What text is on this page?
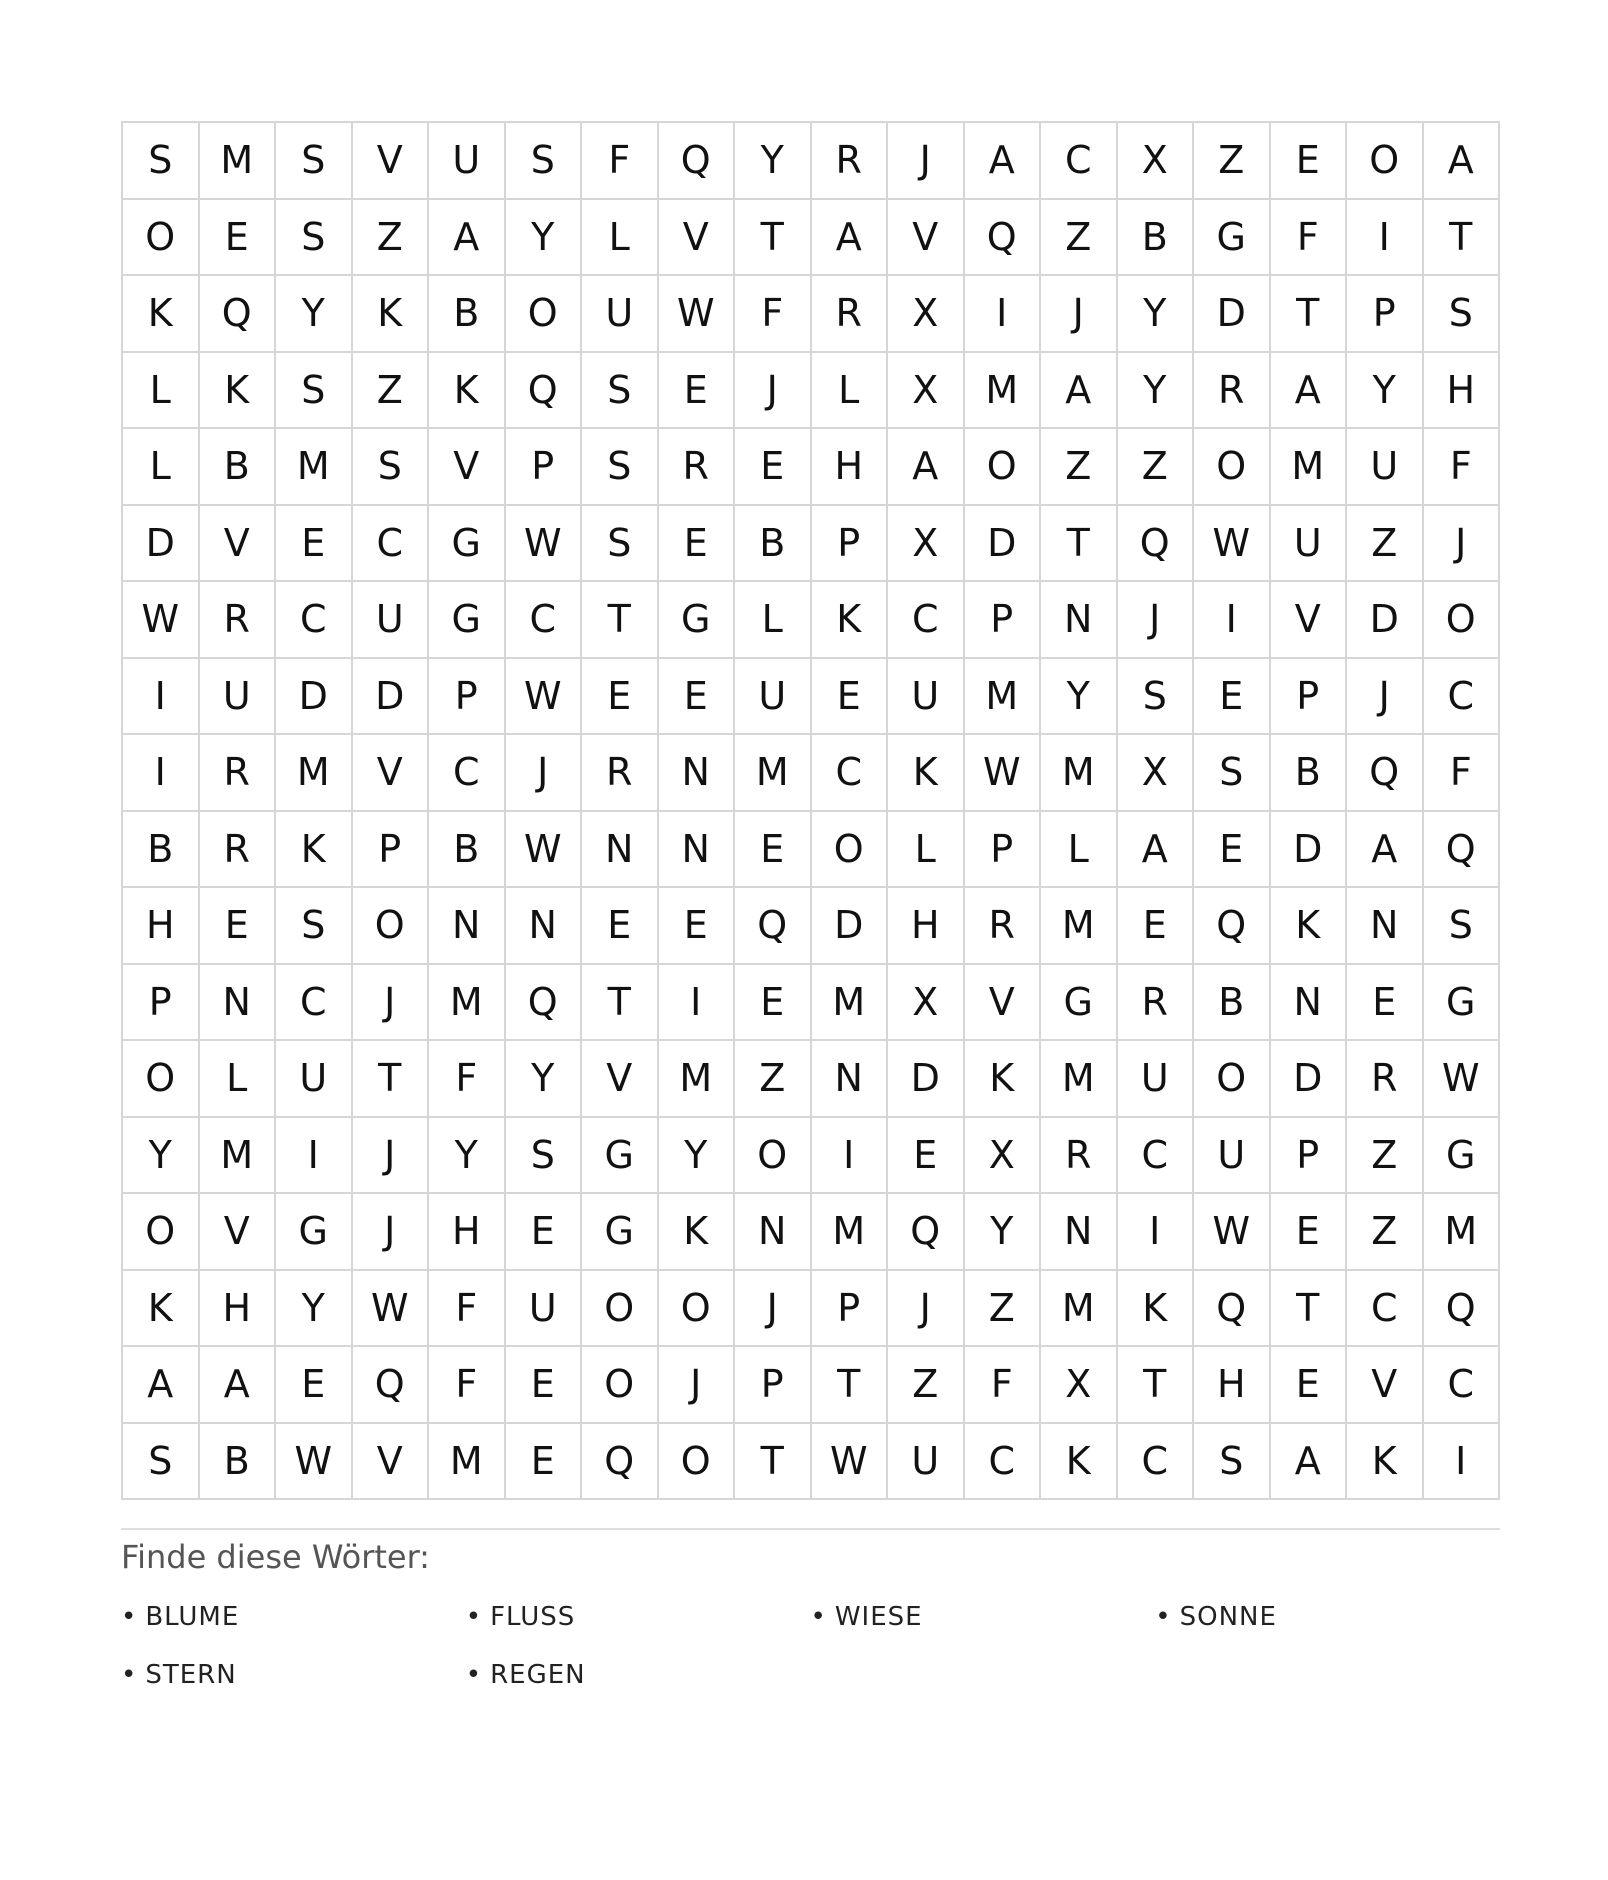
S	M	S	V	U	S	F	Q	Y	R	J	A	C	X	Z	E	O	A
O	E	S	Z	A	Y	L	V	T	A	V	Q	Z	B	G	F	I	T
K	Q	Y	K	B	O	U	W	F	R	X	I	J	Y	D	T	P	S
L	K	S	Z	K	Q	S	E	J	L	X	M	A	Y	R	A	Y	H
L	B	M	S	V	P	S	R	E	H	A	O	Z	Z	O	M	U	F
D	V	E	C	G	W	S	E	B	P	X	D	T	Q	W	U	Z	J
W	R	C	U	G	C	T	G	L	K	C	P	N	J	I	V	D	O
I	U	D	D	P	W	E	E	U	E	U	M	Y	S	E	P	J	C
I	R	M	V	C	J	R	N	M	C	K	W	M	X	S	B	Q	F
B	R	K	P	B	W	N	N	E	O	L	P	L	A	E	D	A	Q
H	E	S	O	N	N	E	E	Q	D	H	R	M	E	Q	K	N	S
P	N	C	J	M	Q	T	I	E	M	X	V	G	R	B	N	E	G
O	L	U	T	F	Y	V	M	Z	N	D	K	M	U	O	D	R	W
Y	M	I	J	Y	S	G	Y	O	I	E	X	R	C	U	P	Z	G
O	V	G	J	H	E	G	K	N	M	Q	Y	N	I	W	E	Z	M
K	H	Y	W	F	U	O	O	J	P	J	Z	M	K	Q	T	C	Q
A	A	E	Q	F	E	O	J	P	T	Z	F	X	T	H	E	V	C
S	B	W	V	M	E	Q	O	T	W	U	C	K	C	S	A	K	I
Finde diese Wörter:
• BLUME	• FLUSS	• WIESE	• SONNE
• STERN	• REGEN
